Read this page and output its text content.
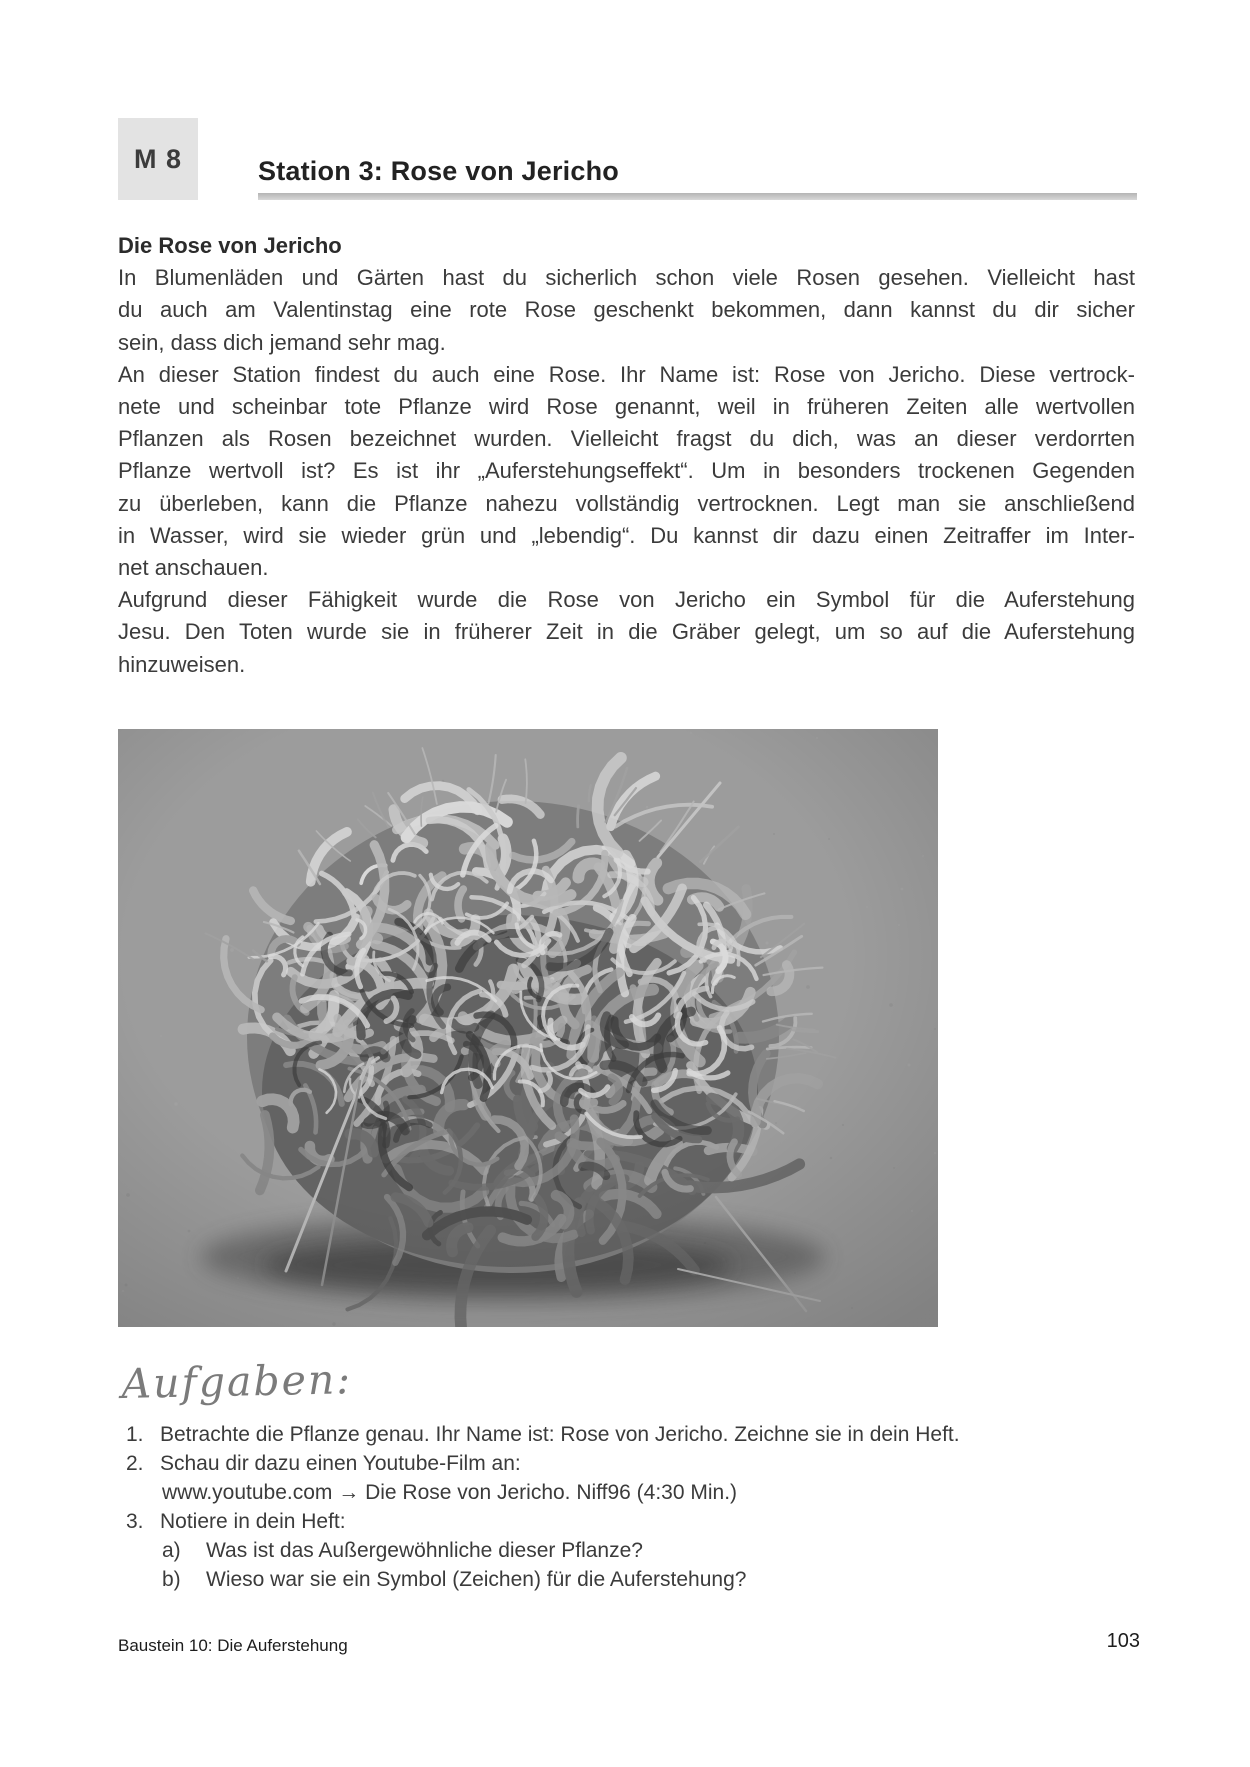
M 8	Station 3: Rose von Jericho
Die Rose von Jericho
In Blumenläden und Gärten hast du sicherlich schon viele Rosen gesehen. Vielleicht hast
du auch am Valentinstag eine rote Rose geschenkt bekommen, dann kannst du dir sicher
sein, dass dich jemand sehr mag.
An dieser Station findest du auch eine Rose. Ihr Name ist: Rose von Jericho. Diese vertrock-
nete und scheinbar tote Pflanze wird Rose genannt, weil in früheren Zeiten alle wertvollen
Pflanzen als Rosen bezeichnet wurden. Vielleicht fragst du dich, was an dieser verdorrten
Pflanze wertvoll ist? Es ist ihr „Auferstehungseffekt“. Um in besonders trockenen Gegenden
zu überleben, kann die Pflanze nahezu vollständig vertrocknen. Legt man sie anschließend
in Wasser, wird sie wieder grün und „lebendig“. Du kannst dir dazu einen Zeitraffer im Inter-
net anschauen.
Aufgrund dieser Fähigkeit wurde die Rose von Jericho ein Symbol für die Auferstehung
Jesu. Den Toten wurde sie in früherer Zeit in die Gräber gelegt, um so auf die Auferstehung
hinzuweisen.
Aufgaben:
1. Betrachte die Pflanze genau. Ihr Name ist: Rose von Jericho. Zeichne sie in dein Heft.
2. Schau dir dazu einen Youtube-Film an:
www.youtube.com → Die Rose von Jericho. Niff96 (4:30 Min.)
3. Notiere in dein Heft:
a)	Was ist das Außergewöhnliche dieser Pflanze?
b)	Wieso war sie ein Symbol (Zeichen) für die Auferstehung?
Baustein 10: Die Auferstehung	103
